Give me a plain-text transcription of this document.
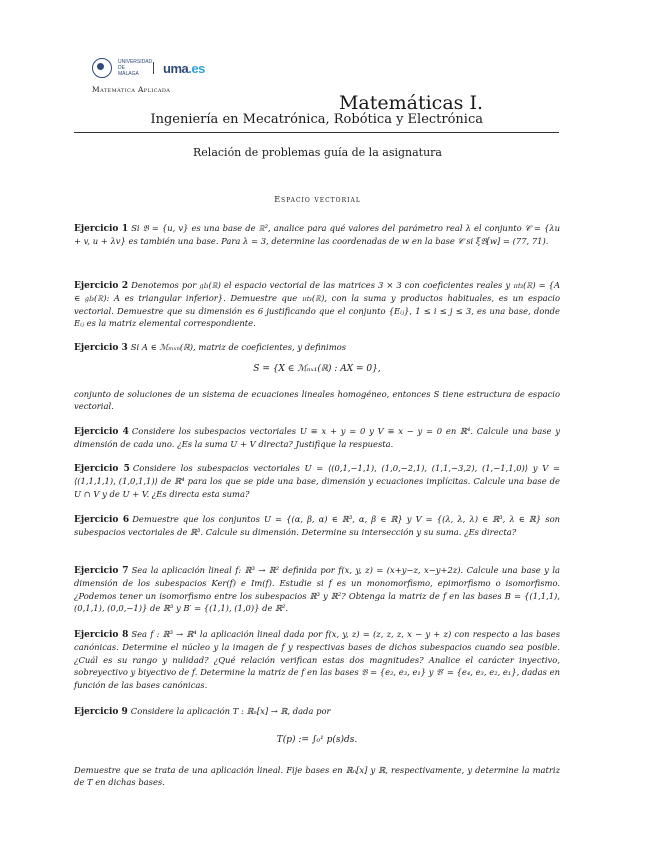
UNIVERSIDAD DE MÁLAGA	uma.es
Matemática Aplicada
Matemáticas I.
Ingeniería en Mecatrónica, Robótica y Electrónica
Relación de problemas guía de la asignatura
Espacio vectorial
Ejercicio 1 Si 𝔅 = {u, v} es una base de ℝ², analice para qué valores del parámetro real λ el conjunto 𝒞 = {λu + v, u + λv} es también una base. Para λ = 3, determine las coordenadas de w en la base 𝒞 si ξ𝔅[w] = (77, 71).
Ejercicio 2 Denotemos por 𝔤𝔩₃(ℝ) el espacio vectorial de las matrices 3 × 3 con coeficientes reales y 𝔲𝔱₃(ℝ) = {A ∈ 𝔤𝔩₃(ℝ): A es triangular inferior}. Demuestre que 𝔲𝔱₃(ℝ), con la suma y productos habituales, es un espacio vectorial. Demuestre que su dimensión es 6 justificando que el conjunto {Eᵢⱼ}, 1 ≤ i ≤ j ≤ 3, es una base, donde Eᵢⱼ es la matriz elemental correspondiente.
Ejercicio 3 Si A ∈ ℳₘₓₙ(ℝ), matriz de coeficientes, y definimos
S = {X ∈ ℳₙₓ₁(ℝ) : AX = 0},
conjunto de soluciones de un sistema de ecuaciones lineales homogéneo, entonces S tiene estructura de espacio vectorial.
Ejercicio 4 Considere los subespacios vectoriales U ≡ x + y = 0 y V ≡ x − y = 0 en ℝ⁴. Calcule una base y dimensión de cada uno. ¿Es la suma U + V directa? Justifique la respuesta.
Ejercicio 5 Considere los subespacios vectoriales U = ⟨(0,1,−1,1), (1,0,−2,1), (1,1,−3,2), (1,−1,1,0)⟩ y V = ⟨(1,1,1,1), (1,0,1,1)⟩ de ℝ⁴ para los que se pide una base, dimensión y ecuaciones implícitas. Calcule una base de U ∩ V y de U + V. ¿Es directa esta suma?
Ejercicio 6 Demuestre que los conjuntos U = {(α, β, α) ∈ ℝ³, α, β ∈ ℝ} y V = {(λ, λ, λ) ∈ ℝ³, λ ∈ ℝ} son subespacios vectoriales de ℝ³. Calcule su dimensión. Determine su intersección y su suma. ¿Es directa?
Ejercicio 7 Sea la aplicación lineal f: ℝ³ → ℝ² definida por f(x, y, z) = (x+y−z, x−y+2z). Calcule una base y la dimensión de los subespacios Ker(f) e Im(f). Estudie si f es un monomorfismo, epimorfismo o isomorfismo. ¿Podemos tener un isomorfismo entre los subespacios ℝ³ y ℝ²? Obtenga la matriz de f en las bases B = {(1,1,1), (0,1,1), (0,0,−1)} de ℝ³ y B′ = {(1,1), (1,0)} de ℝ².
Ejercicio 8 Sea f : ℝ³ → ℝ⁴ la aplicación lineal dada por f(x, y, z) = (z, z, z, x − y + z) con respecto a las bases canónicas. Determine el núcleo y la imagen de f y respectivas bases de dichos subespacios cuando sea posible. ¿Cuál es su rango y nulidad? ¿Qué relación verifican estas dos magnitudes? Analice el carácter inyectivo, sobreyectivo y biyectivo de f. Determine la matriz de f en las bases 𝔅 = {e₂, e₃, e₁} y 𝔅′ = {e₄, e₃, e₂, e₁}, dadas en función de las bases canónicas.
Ejercicio 9 Considere la aplicación T : ℝₙ[x] → ℝ, dada por
T(p) := ∫₀¹ p(s)ds.
Demuestre que se trata de una aplicación lineal. Fije bases en ℝₙ[x] y ℝ, respectivamente, y determine la matriz de T en dichas bases.
